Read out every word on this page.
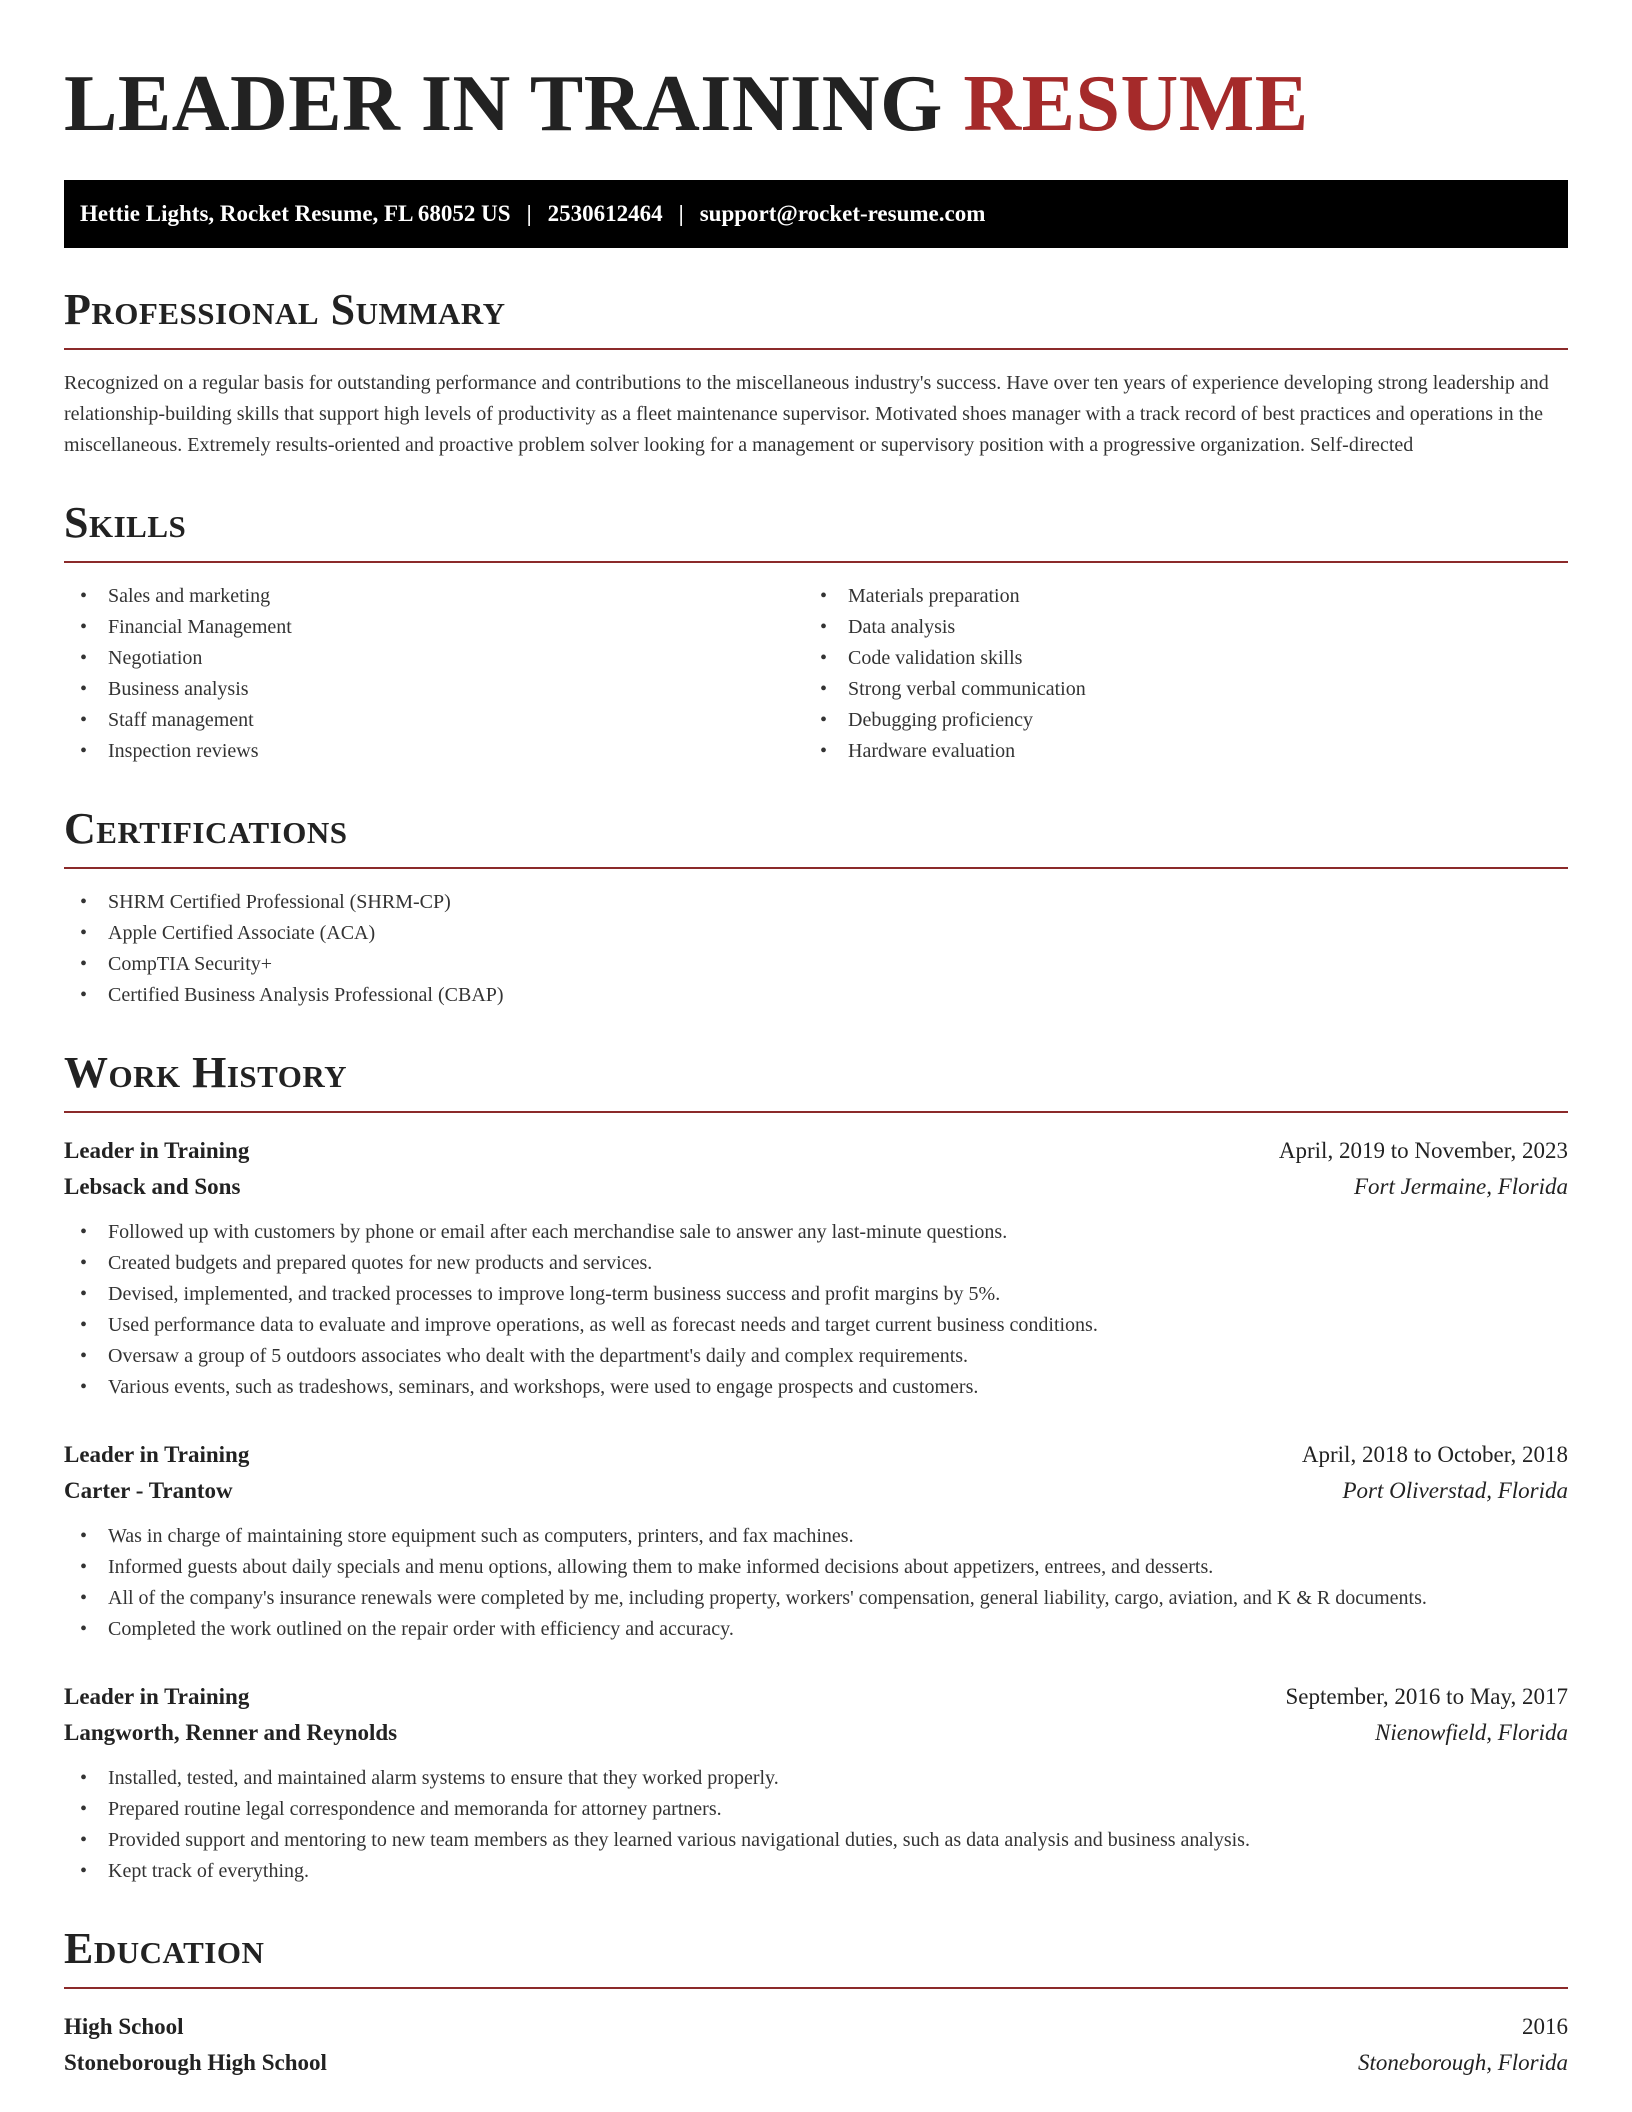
LEADER IN TRAINING RESUME
Hettie Lights, Rocket Resume, FL 68052 US | 2530612464 | support@rocket-resume.com
Professional Summary

Recognized on a regular basis for outstanding performance and contributions to the miscellaneous industry's success. Have over ten years of experience developing strong leadership and relationship-building skills that support high levels of productivity as a fleet maintenance supervisor. Motivated shoes manager with a track record of best practices and operations in the miscellaneous. Extremely results-oriented and proactive problem solver looking for a management or supervisory position with a progressive organization. Self-directed

Skills
• Sales and marketing
• Financial Management
• Negotiation
• Business analysis
• Staff management
• Inspection reviews
• Materials preparation
• Data analysis
• Code validation skills
• Strong verbal communication
• Debugging proficiency
• Hardware evaluation
Certifications
• SHRM Certified Professional (SHRM-CP)
• Apple Certified Associate (ACA)
• CompTIA Security+
• Certified Business Analysis Professional (CBAP)
Work History
Leader in Training	April, 2019 to November, 2023
Lebsack and Sons	Fort Jermaine, Florida
• Followed up with customers by phone or email after each merchandise sale to answer any last-minute questions.
• Created budgets and prepared quotes for new products and services.
• Devised, implemented, and tracked processes to improve long-term business success and profit margins by 5%.
• Used performance data to evaluate and improve operations, as well as forecast needs and target current business conditions.
• Oversaw a group of 5 outdoors associates who dealt with the department's daily and complex requirements.
• Various events, such as tradeshows, seminars, and workshops, were used to engage prospects and customers.
Leader in Training	April, 2018 to October, 2018
Carter - Trantow	Port Oliverstad, Florida
• Was in charge of maintaining store equipment such as computers, printers, and fax machines.
• Informed guests about daily specials and menu options, allowing them to make informed decisions about appetizers, entrees, and desserts.
• All of the company's insurance renewals were completed by me, including property, workers' compensation, general liability, cargo, aviation, and K & R documents.
• Completed the work outlined on the repair order with efficiency and accuracy.
Leader in Training	September, 2016 to May, 2017
Langworth, Renner and Reynolds	Nienowfield, Florida
• Installed, tested, and maintained alarm systems to ensure that they worked properly.
• Prepared routine legal correspondence and memoranda for attorney partners.
• Provided support and mentoring to new team members as they learned various navigational duties, such as data analysis and business analysis.
• Kept track of everything.
Education
High School	2016
Stoneborough High School	Stoneborough, Florida
